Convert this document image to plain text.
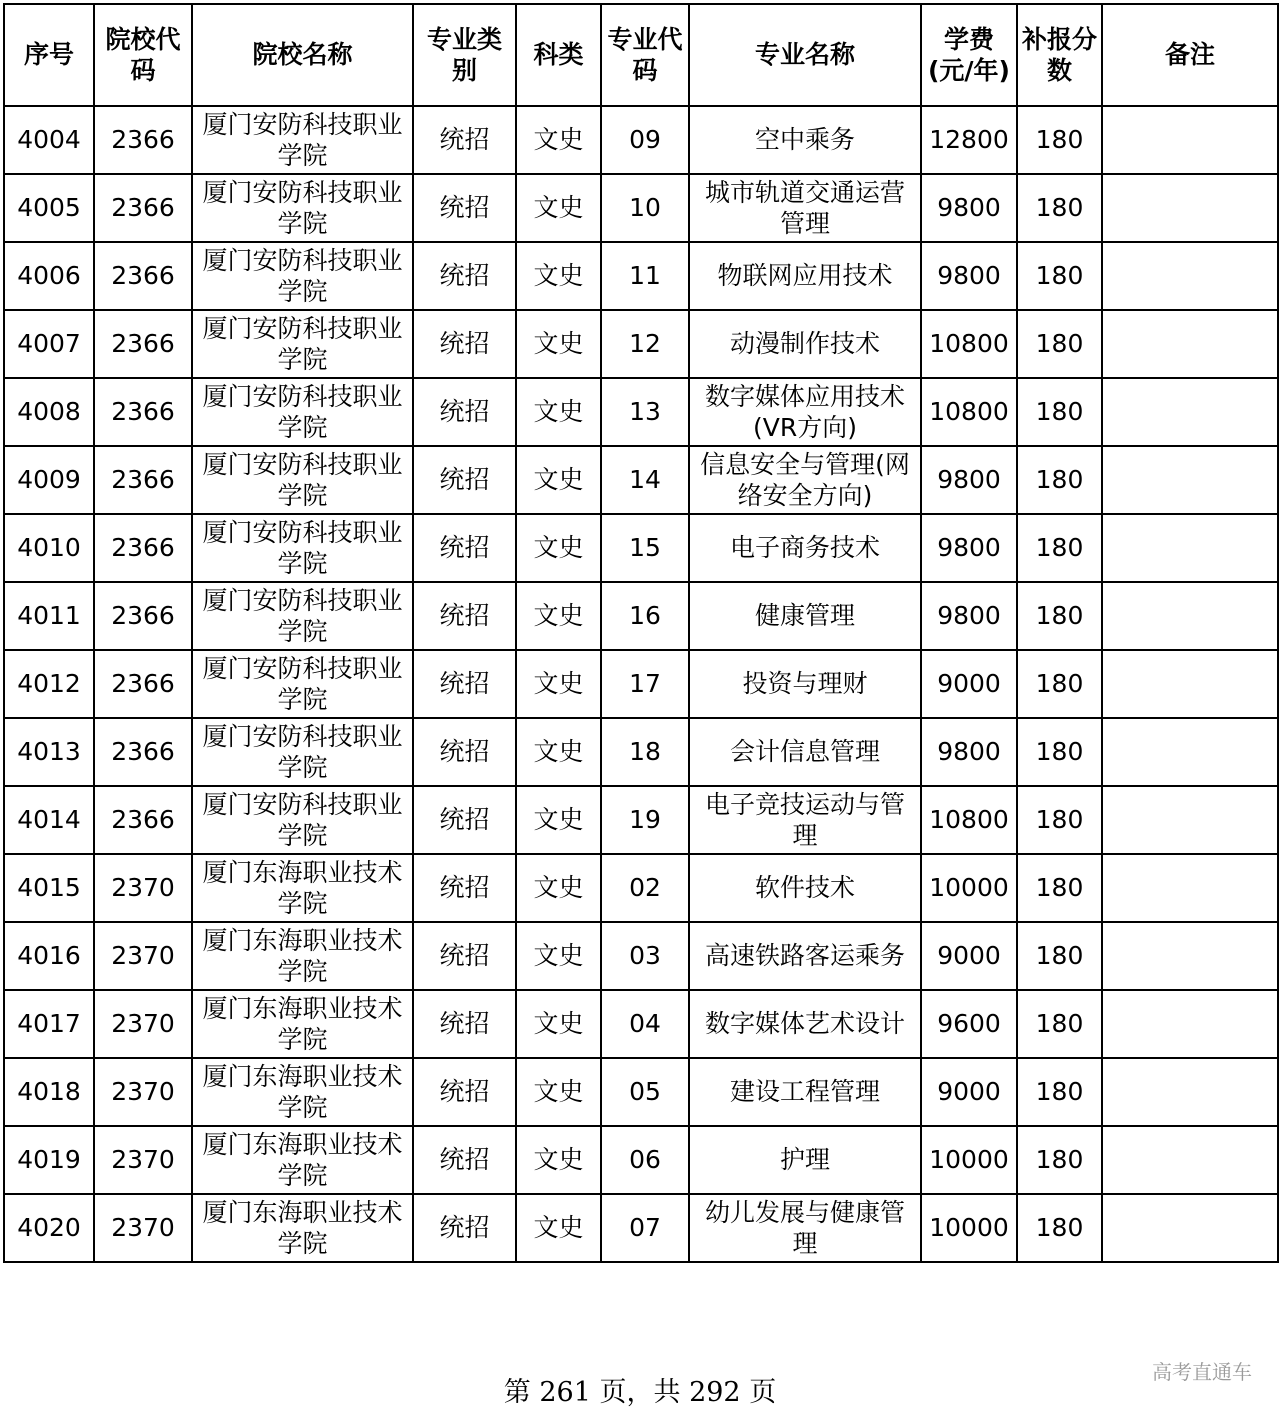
序号	院校代码	院校名称	专业类别	科类	专业代码	专业名称	学费(元/年)	补报分数	备注
4004	2366	厦门安防科技职业学院	统招	文史	09	空中乘务	12800	180	
4005	2366	厦门安防科技职业学院	统招	文史	10	城市轨道交通运营管理	9800	180	
4006	2366	厦门安防科技职业学院	统招	文史	11	物联网应用技术	9800	180	
4007	2366	厦门安防科技职业学院	统招	文史	12	动漫制作技术	10800	180	
4008	2366	厦门安防科技职业学院	统招	文史	13	数字媒体应用技术(VR方向)	10800	180	
4009	2366	厦门安防科技职业学院	统招	文史	14	信息安全与管理(网络安全方向)	9800	180	
4010	2366	厦门安防科技职业学院	统招	文史	15	电子商务技术	9800	180	
4011	2366	厦门安防科技职业学院	统招	文史	16	健康管理	9800	180	
4012	2366	厦门安防科技职业学院	统招	文史	17	投资与理财	9000	180	
4013	2366	厦门安防科技职业学院	统招	文史	18	会计信息管理	9800	180	
4014	2366	厦门安防科技职业学院	统招	文史	19	电子竞技运动与管理	10800	180	
4015	2370	厦门东海职业技术学院	统招	文史	02	软件技术	10000	180	
4016	2370	厦门东海职业技术学院	统招	文史	03	高速铁路客运乘务	9000	180	
4017	2370	厦门东海职业技术学院	统招	文史	04	数字媒体艺术设计	9600	180	
4018	2370	厦门东海职业技术学院	统招	文史	05	建设工程管理	9000	180	
4019	2370	厦门东海职业技术学院	统招	文史	06	护理	10000	180	
4020	2370	厦门东海职业技术学院	统招	文史	07	幼儿发展与健康管理	10000	180	
第 261 页，共 292 页
高考直通车
